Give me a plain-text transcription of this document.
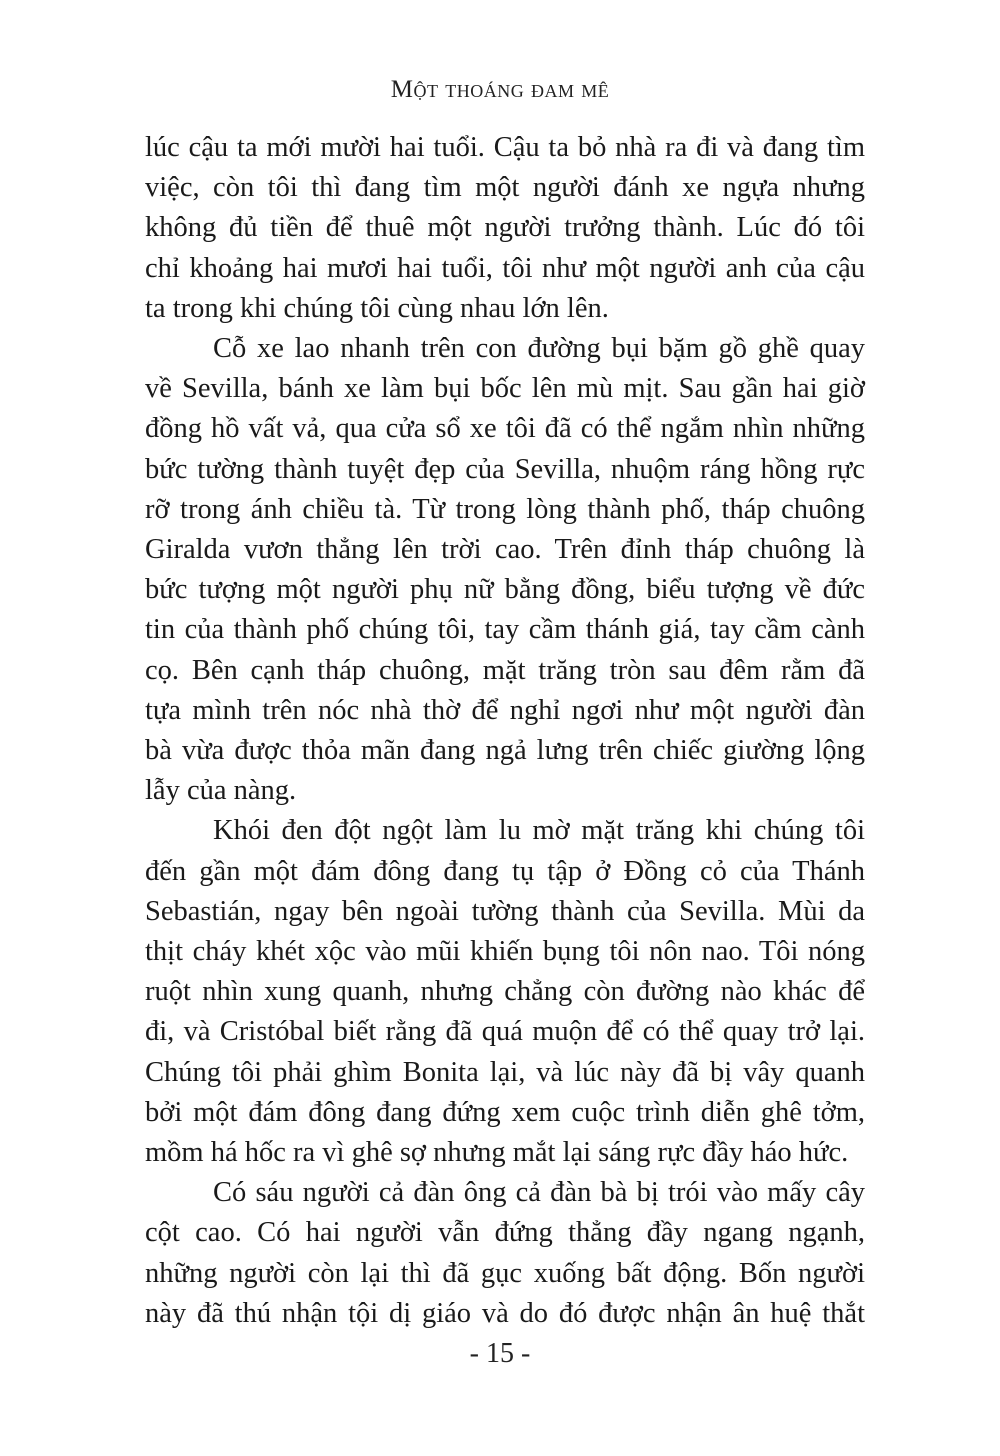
Một thoáng đam mê

lúc cậu ta mới mười hai tuổi. Cậu ta bỏ nhà ra đi và đang tìm
việc, còn tôi thì đang tìm một người đánh xe ngựa nhưng
không đủ tiền để thuê một người trưởng thành. Lúc đó tôi
chỉ khoảng hai mươi hai tuổi, tôi như một người anh của cậu
ta trong khi chúng tôi cùng nhau lớn lên.

Cỗ xe lao nhanh trên con đường bụi bặm gồ ghề quay
về Sevilla, bánh xe làm bụi bốc lên mù mịt. Sau gần hai giờ
đồng hồ vất vả, qua cửa sổ xe tôi đã có thể ngắm nhìn những
bức tường thành tuyệt đẹp của Sevilla, nhuộm ráng hồng rực
rỡ trong ánh chiều tà. Từ trong lòng thành phố, tháp chuông
Giralda vươn thẳng lên trời cao. Trên đỉnh tháp chuông là
bức tượng một người phụ nữ bằng đồng, biểu tượng về đức
tin của thành phố chúng tôi, tay cầm thánh giá, tay cầm cành
cọ. Bên cạnh tháp chuông, mặt trăng tròn sau đêm rằm đã
tựa mình trên nóc nhà thờ để nghỉ ngơi như một người đàn
bà vừa được thỏa mãn đang ngả lưng trên chiếc giường lộng
lẫy của nàng.

Khói đen đột ngột làm lu mờ mặt trăng khi chúng tôi
đến gần một đám đông đang tụ tập ở Đồng cỏ của Thánh
Sebastián, ngay bên ngoài tường thành của Sevilla. Mùi da
thịt cháy khét xộc vào mũi khiến bụng tôi nôn nao. Tôi nóng
ruột nhìn xung quanh, nhưng chẳng còn đường nào khác để
đi, và Cristóbal biết rằng đã quá muộn để có thể quay trở lại.
Chúng tôi phải ghìm Bonita lại, và lúc này đã bị vây quanh
bởi một đám đông đang đứng xem cuộc trình diễn ghê tởm,
mồm há hốc ra vì ghê sợ nhưng mắt lại sáng rực đầy háo hức.

Có sáu người cả đàn ông cả đàn bà bị trói vào mấy cây
cột cao. Có hai người vẫn đứng thẳng đầy ngang ngạnh,
những người còn lại thì đã gục xuống bất động. Bốn người
này đã thú nhận tội dị giáo và do đó được nhận ân huệ thắt

- 15 -
